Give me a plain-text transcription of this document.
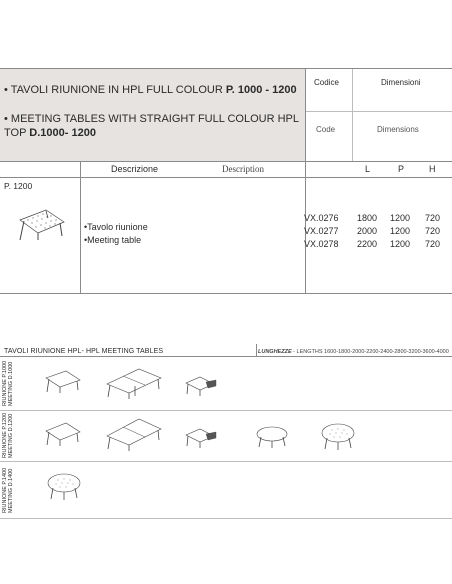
• TAVOLI RIUNIONE IN HPL FULL COLOUR P. 1000 - 1200
• MEETING TABLES WITH STRAIGHT FULL COLOUR HPL
TOP D.1000- 1200
Codice	Dimensioni
Code	Dimensions
Descrizione	Description	L	P	H
P. 1200
• Tavolo riunione
• Meeting table
VX.0276 1800 1200 720
VX.0277 2000 1200 720
VX.0278 2200 1200 720
TAVOLI RIUNIONE HPL- HPL MEETING TABLES	LUNGHEZZE - LENGTHS 1600-1800-2000-2200-2400-2800-3200-3600-4000
RIUNIONE P.1000 MEETING D.1000
RIUNIONE P.1200 MEETING D.1200
RIUNIONE P.1400 MEETING D.1400
